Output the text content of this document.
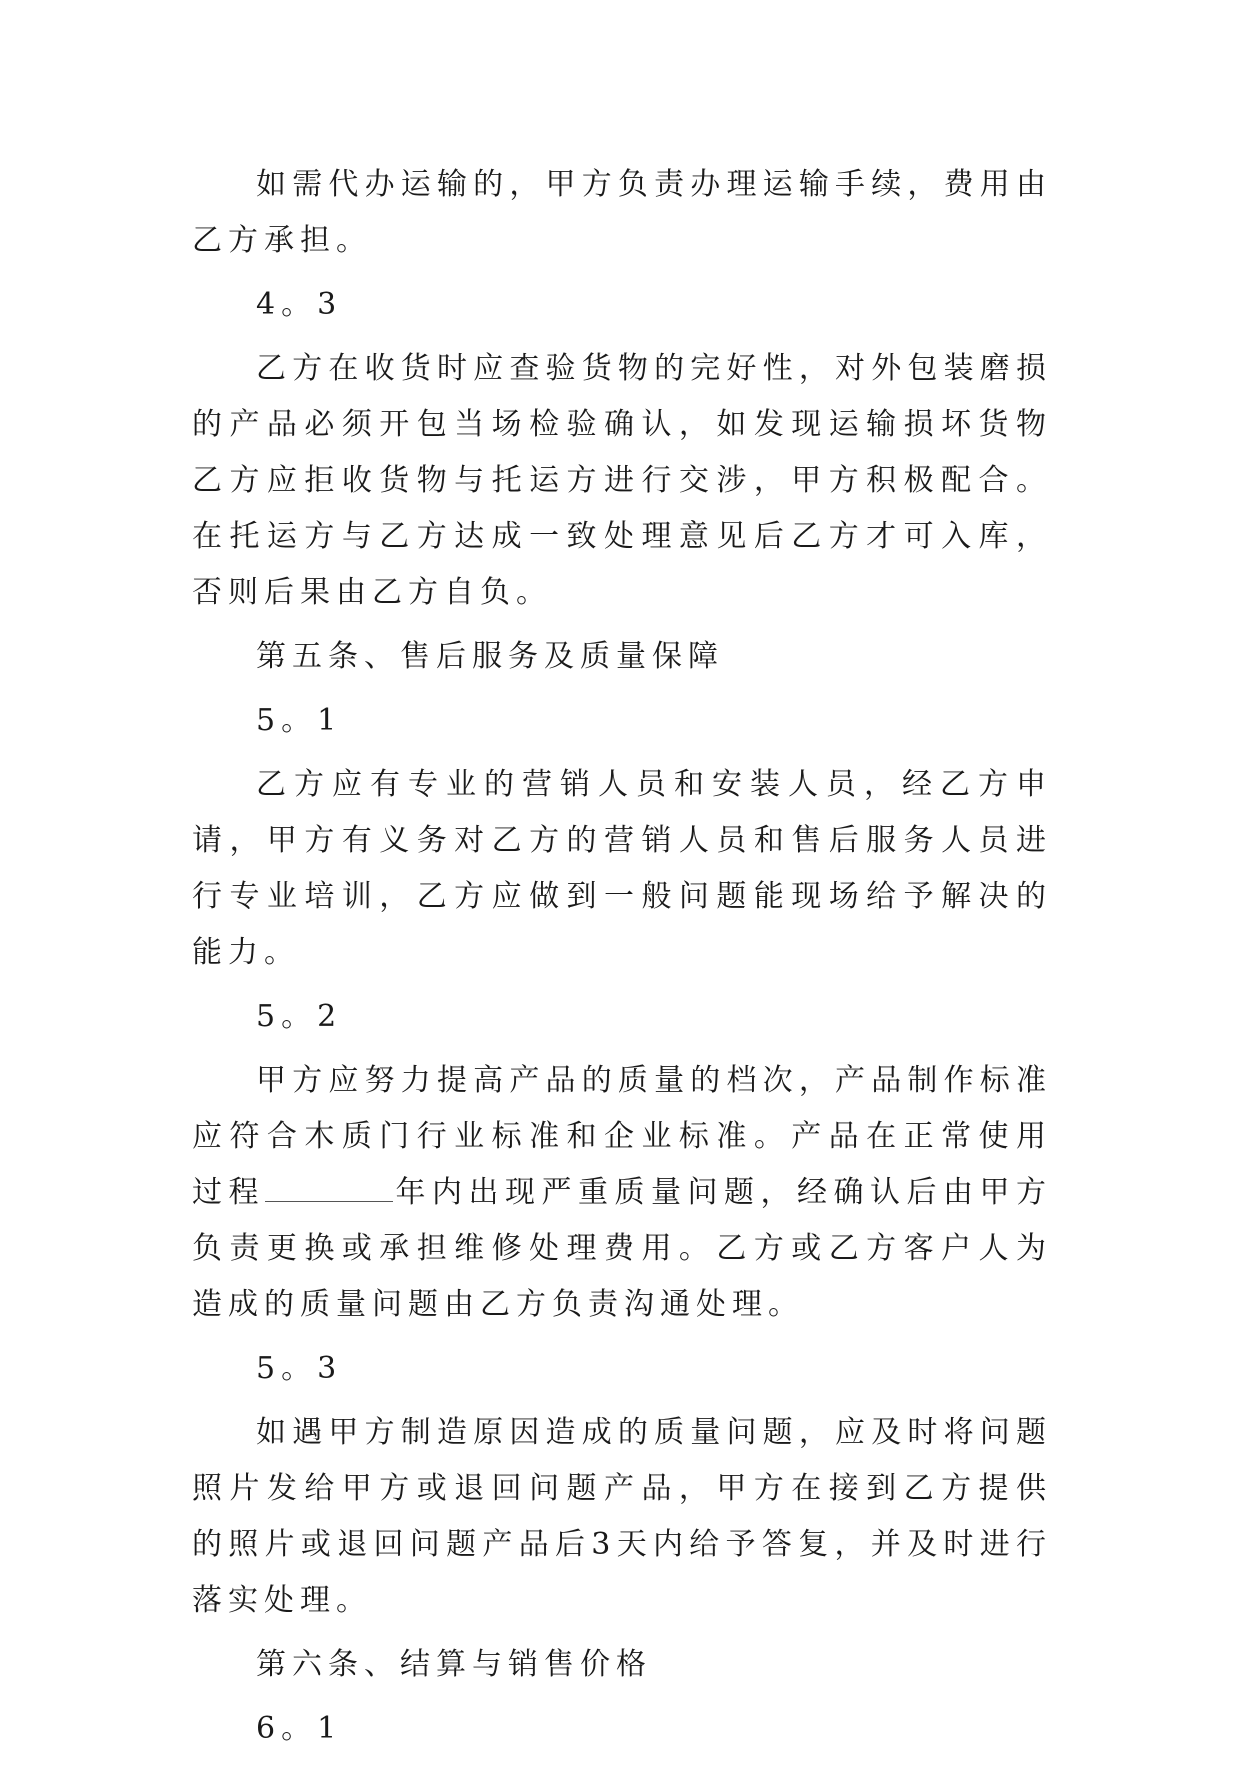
如需代办运输的，甲方负责办理运输手续，费用由乙方承担。

4。3

乙方在收货时应查验货物的完好性，对外包装磨损的产品必须开包当场检验确认，如发现运输损坏货物乙方应拒收货物与托运方进行交涉，甲方积极配合。在托运方与乙方达成一致处理意见后乙方才可入库，否则后果由乙方自负。

第五条、售后服务及质量保障

5。1

乙方应有专业的营销人员和安装人员，经乙方申请，甲方有义务对乙方的营销人员和售后服务人员进行专业培训，乙方应做到一般问题能现场给予解决的能力。

5。2

甲方应努力提高产品的质量的档次，产品制作标准应符合木质门行业标准和企业标准。产品在正常使用过程	年内出现严重质量问题，经确认后由甲方负责更换或承担维修处理费用。乙方或乙方客户人为造成的质量问题由乙方负责沟通处理。

5。3

如遇甲方制造原因造成的质量问题，应及时将问题照片发给甲方或退回问题产品，甲方在接到乙方提供的照片或退回问题产品后3天内给予答复，并及时进行落实处理。

第六条、结算与销售价格

6。1
